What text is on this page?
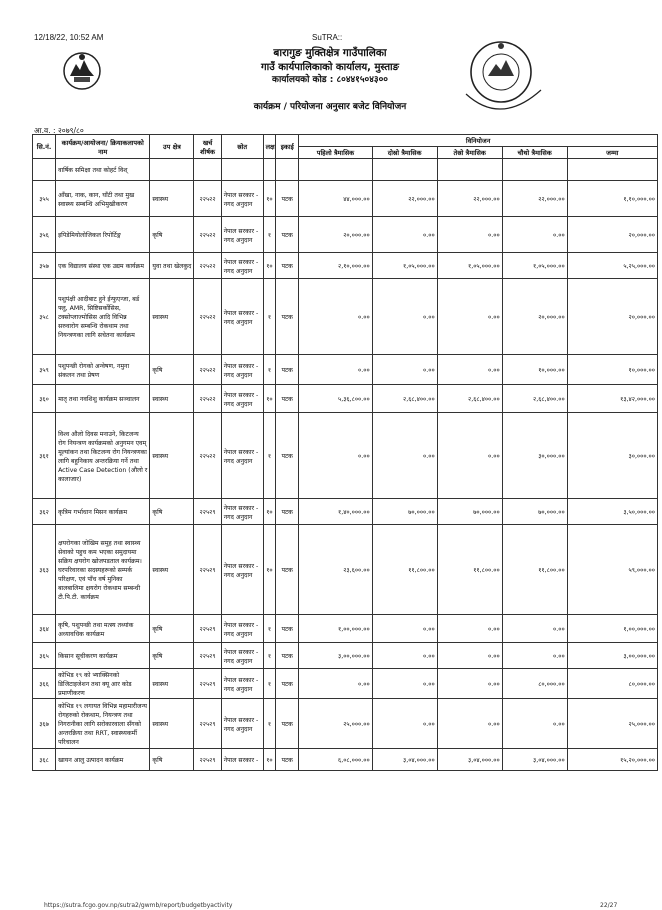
12/18/22, 10:52 AM	SuTRA::
बारागुङ मुक्तिक्षेत्र गाउँपालिका
गाउँ कार्यपालिकाको कार्यालय, मुस्ताङ
कार्यालयको कोड : ८०४४१५०४३००
कार्यक्रम / परियोजना अनुसार बजेट विनियोजन
आ.व. : २०७९/८०
सि.नं.	कार्यक्रम/आयोजना/ क्रियाकलापको नाम	उप क्षेत्र	खर्च शीर्षक	स्रोत	लक्ष	इकाई	विनियोजन				
							पहिलो त्रैमासिक	दोस्रो त्रैमासिक	तेस्रो त्रैमासिक	चौथो त्रैमासिक	जम्मा
	वार्षिक समिक्षा तथा कोहर्ट विश्										
३५५	आँखा, नाक, कान, घाँटी तथा मुख स्वास्थ्य सम्बन्धि अभिमुखीकरण	स्वास्थ्य	२२५२२	नेपाल सरकार - नगद अनुदान	१०	पटक	४४,०००.००	२२,०००.००	२२,०००.००	२२,०००.००	१,१०,०००.००
३५६	इपिडेमियोलोजिकल रिपोर्टिङ्ग	कृषि	२२५२२	नेपाल सरकार - नगद अनुदान	१	पटक	२०,०००.००	०.००	०.००	०.००	२०,०००.००
३५७	एक विद्यालय संस्था एक उद्यम कार्यक्रम	युवा तथा खेलकुद	२२५२२	नेपाल सरकार - नगद अनुदान	१०	पटक	२,१०,०००.००	१,०५,०००.००	१,०५,०००.००	१,०५,०००.००	५,२५,०००.००
३५८	पशुपंक्षी आदीबाट हुने ईन्फुएन्जा, बर्ड फ्लु, AMR, सिष्टिसर्कोसिस, टक्सोप्लाज्मोसिस आदि विभिन्न सरुवारोग सम्बन्धि रोकथाम तथा नियन्त्रणका लागि सचेतना कार्यक्रम	स्वास्थ्य	२२५२२	नेपाल सरकार - नगद अनुदान	१	पटक	०.००	०.००	०.००	२०,०००.००	२०,०००.००
३५९	पशुपन्छी रोगको अन्वेषण, नमुना संकलन तथा प्रेषण	कृषि	२२५२२	नेपाल सरकार - नगद अनुदान	१	पटक	०.००	०.००	०.००	१०,०००.००	१०,०००.००
३६०	मातृ तथा नवशिशु कार्यक्रम सञ्चालन	स्वास्थ्य	२२५२२	नेपाल सरकार - नगद अनुदान	१०	पटक	५,३६,८००.००	२,६८,४००.००	२,६८,४००.००	२,६८,४००.००	१३,४२,०००.००
३६१	विश्व औलो दिवस मनाउने, किटजन्य रोग नियन्त्रण कार्यक्रमको अनुगमन एवम् मूल्यांकन तथा किटजन्य रोग नियन्त्रणका लागि बहुनिकाय अन्तरक्रिया गर्ने तथा Active Case Detection (औलो र कालाजार)	स्वास्थ्य	२२५२२	नेपाल सरकार - नगद अनुदान	१	पटक	०.००	०.००	०.००	३०,०००.००	३०,०००.००
३६२	कृत्रिम गर्भाधान मिसन कार्यक्रम	कृषि	२२५२९	नेपाल सरकार - नगद अनुदान	१०	पटक	१,४०,०००.००	७०,०००.००	७०,०००.००	७०,०००.००	३,५०,०००.००
३६३	क्षयरोगका जोखिम समुह तथा स्वास्थ्य सेवाको पहुच कम भएका समुदायमा सक्रिय क्षयरोग खोजपडताल कार्यक्रम। घरपरिवारका सदस्यहरूको सम्पर्क परिक्षण, एवं पाँच वर्ष मुनिका बालबालिमा क्षयरोग रोकथाम सम्बन्धी टी.पि.टी. कार्यक्रम	स्वास्थ्य	२२५२९	नेपाल सरकार - नगद अनुदान	१०	पटक	२३,६००.००	११,८००.००	११,८००.००	११,८००.००	५९,०००.००
३६४	कृषि, पशुपन्छी तथा मत्स्य तथ्यांक अध्यावधिक कार्यक्रम	कृषि	२२५२९	नेपाल सरकार - नगद अनुदान	१	पटक	१,००,०००.००	०.००	०.००	०.००	१,००,०००.००
३६५	किसान सूचीकरण कार्यक्रम	कृषि	२२५२९	नेपाल सरकार - नगद अनुदान	१	पटक	३,००,०००.००	०.००	०.००	०.००	३,००,०००.००
३६६	कोभिड १९ को भ्याक्सिनको डिजिटाइजेशन तथा क्यू आर कोड प्रमाणीकरण	स्वास्थ्य	२२५२९	नेपाल सरकार - नगद अनुदान	१	पटक	०.००	०.००	०.००	८०,०००.००	८०,०००.००
३६७	कोभिड १९ लगायत विभिन्न महामारीजन्य रोगहरुको रोकथाम, नियन्त्रण तथा निगरानीका लागि सरोकारवाला सँगको अन्तरक्रिया तथा RRT, स्वास्थ्यकर्मी परिचालन	स्वास्थ्य	२२५२९	नेपाल सरकार - नगद अनुदान	१	पटक	२५,०००.००	०.००	०.००	०.००	२५,०००.००
३६८	खायन आलु उत्पादन कार्यक्रम	कृषि	२२५२९	नेपाल सरकार -	१०	पटक	६,०८,०००.००	३,०४,०००.००	३,०४,०००.००	३,०४,०००.००	१५,२०,०००.००
https://sutra.fcgo.gov.np/sutra2/gwmb/report/budgetbyactivity	22/27
